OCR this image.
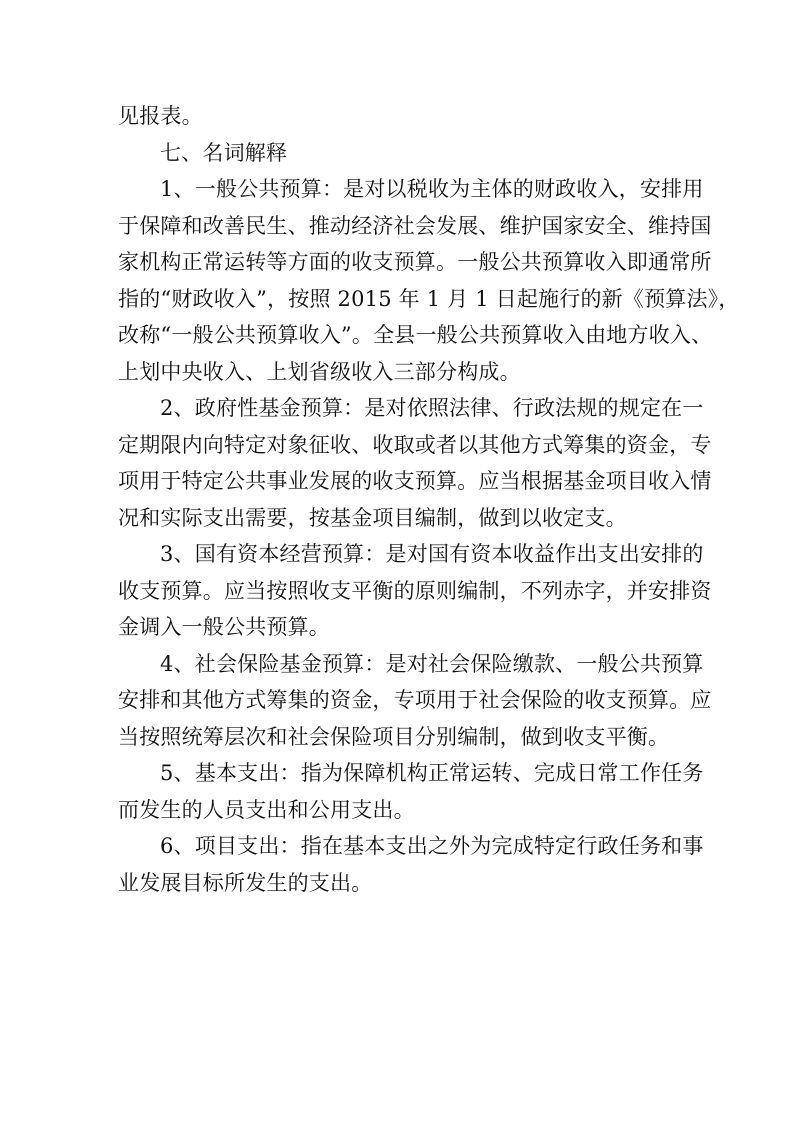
见报表。
七、名词解释
1、一般公共预算：是对以税收为主体的财政收入，安排用
于保障和改善民生、推动经济社会发展、维护国家安全、维持国
家机构正常运转等方面的收支预算。一般公共预算收入即通常所
指的“财政收入”，按照 2015 年 1 月 1 日起施行的新《预算法》，
改称“一般公共预算收入”。全县一般公共预算收入由地方收入、
上划中央收入、上划省级收入三部分构成。
2、政府性基金预算：是对依照法律、行政法规的规定在一
定期限内向特定对象征收、收取或者以其他方式筹集的资金，专
项用于特定公共事业发展的收支预算。应当根据基金项目收入情
况和实际支出需要，按基金项目编制，做到以收定支。
3、国有资本经营预算：是对国有资本收益作出支出安排的
收支预算。应当按照收支平衡的原则编制，不列赤字，并安排资
金调入一般公共预算。
4、社会保险基金预算：是对社会保险缴款、一般公共预算
安排和其他方式筹集的资金，专项用于社会保险的收支预算。应
当按照统筹层次和社会保险项目分别编制，做到收支平衡。
5、基本支出：指为保障机构正常运转、完成日常工作任务
而发生的人员支出和公用支出。
6、项目支出：指在基本支出之外为完成特定行政任务和事
业发展目标所发生的支出。
